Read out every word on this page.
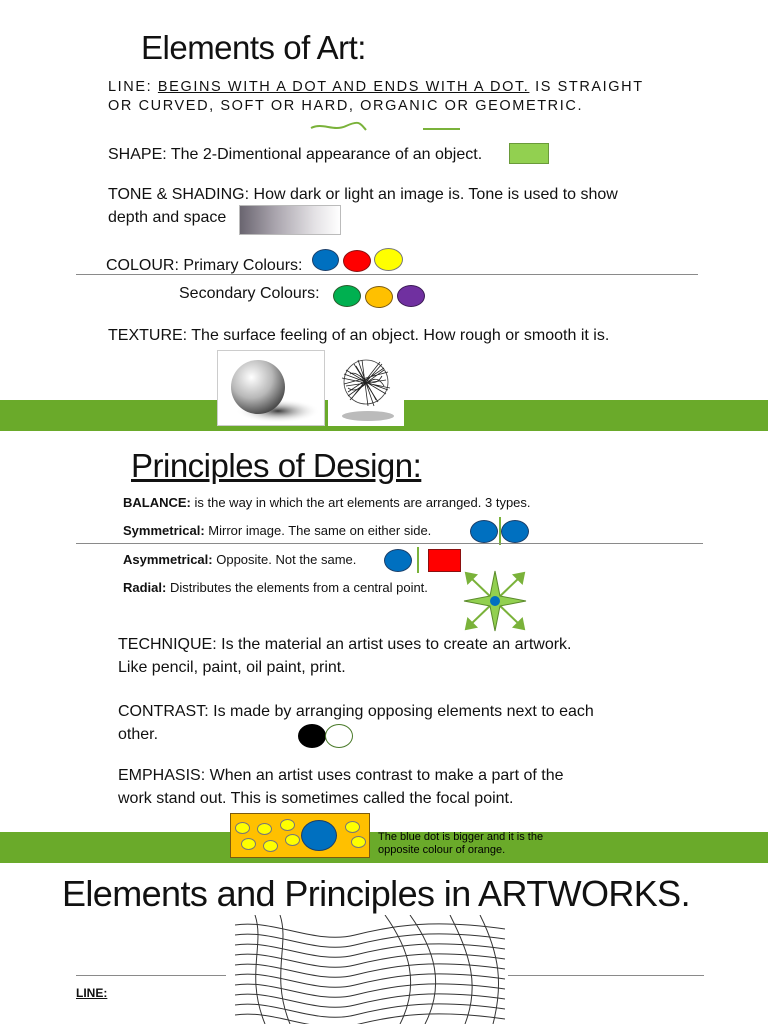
Elements of Art:
LINE: BEGINS WITH A DOT AND ENDS WITH A DOT. IS STRAIGHT
OR CURVED, SOFT OR HARD, ORGANIC OR GEOMETRIC.
SHAPE: The 2-Dimentional appearance of an object.
TONE & SHADING: How dark or light an image is. Tone is used to show
depth and space
COLOUR: Primary Colours:
Secondary Colours:
TEXTURE: The surface feeling of an object. How rough or smooth it is.
Principles of Design:
BALANCE: is the way in which the art elements are arranged. 3 types.
Symmetrical: Mirror image. The same on either side.
Asymmetrical: Opposite. Not the same.
Radial: Distributes the elements from a central point.
TECHNIQUE: Is the material an artist uses to create an artwork.
Like pencil, paint, oil paint, print.
CONTRAST: Is made by arranging opposing elements next to each
other.
EMPHASIS: When an artist uses contrast to make a part of the
work stand out. This is sometimes called the focal point.
The blue dot is bigger and it is the
opposite colour of orange.
Elements and Principles in ARTWORKS.
LINE:
